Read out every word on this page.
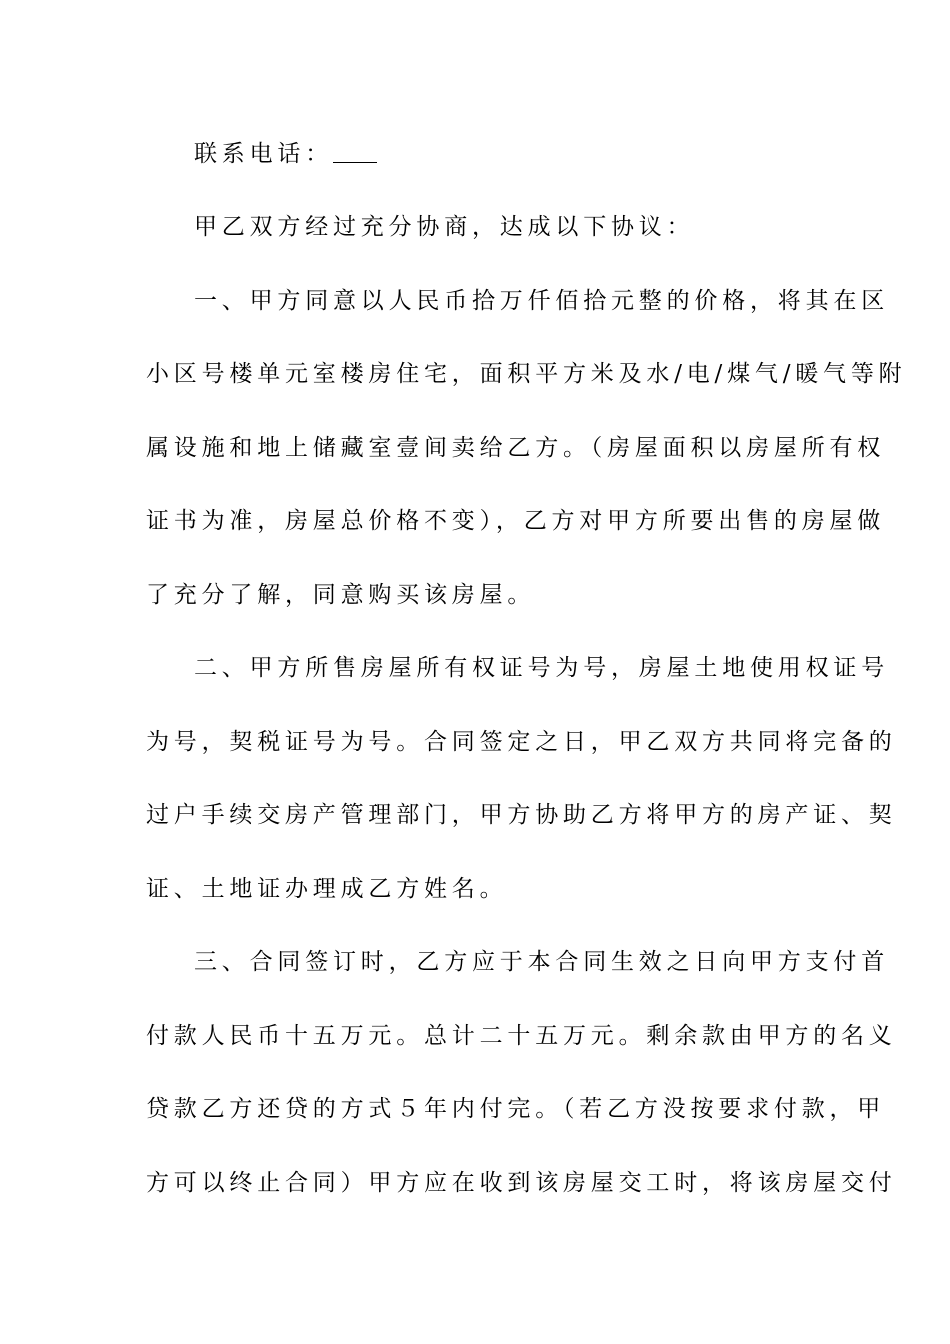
联系电话：
甲乙双方经过充分协商，达成以下协议：
一、甲方同意以人民币拾万仟佰拾元整的价格，将其在区
小区号楼单元室楼房住宅，面积平方米及水/电/煤气/暖气等附
属设施和地上储藏室壹间卖给乙方。（房屋面积以房屋所有权
证书为准，房屋总价格不变），乙方对甲方所要出售的房屋做
了充分了解，同意购买该房屋。
二、甲方所售房屋所有权证号为号，房屋土地使用权证号
为号，契税证号为号。合同签定之日，甲乙双方共同将完备的
过户手续交房产管理部门，甲方协助乙方将甲方的房产证、契
证、土地证办理成乙方姓名。
三、合同签订时，乙方应于本合同生效之日向甲方支付首
付款人民币十五万元。总计二十五万元。剩余款由甲方的名义
贷款乙方还贷的方式５年内付完。（若乙方没按要求付款，甲
方可以终止合同）甲方应在收到该房屋交工时，将该房屋交付
